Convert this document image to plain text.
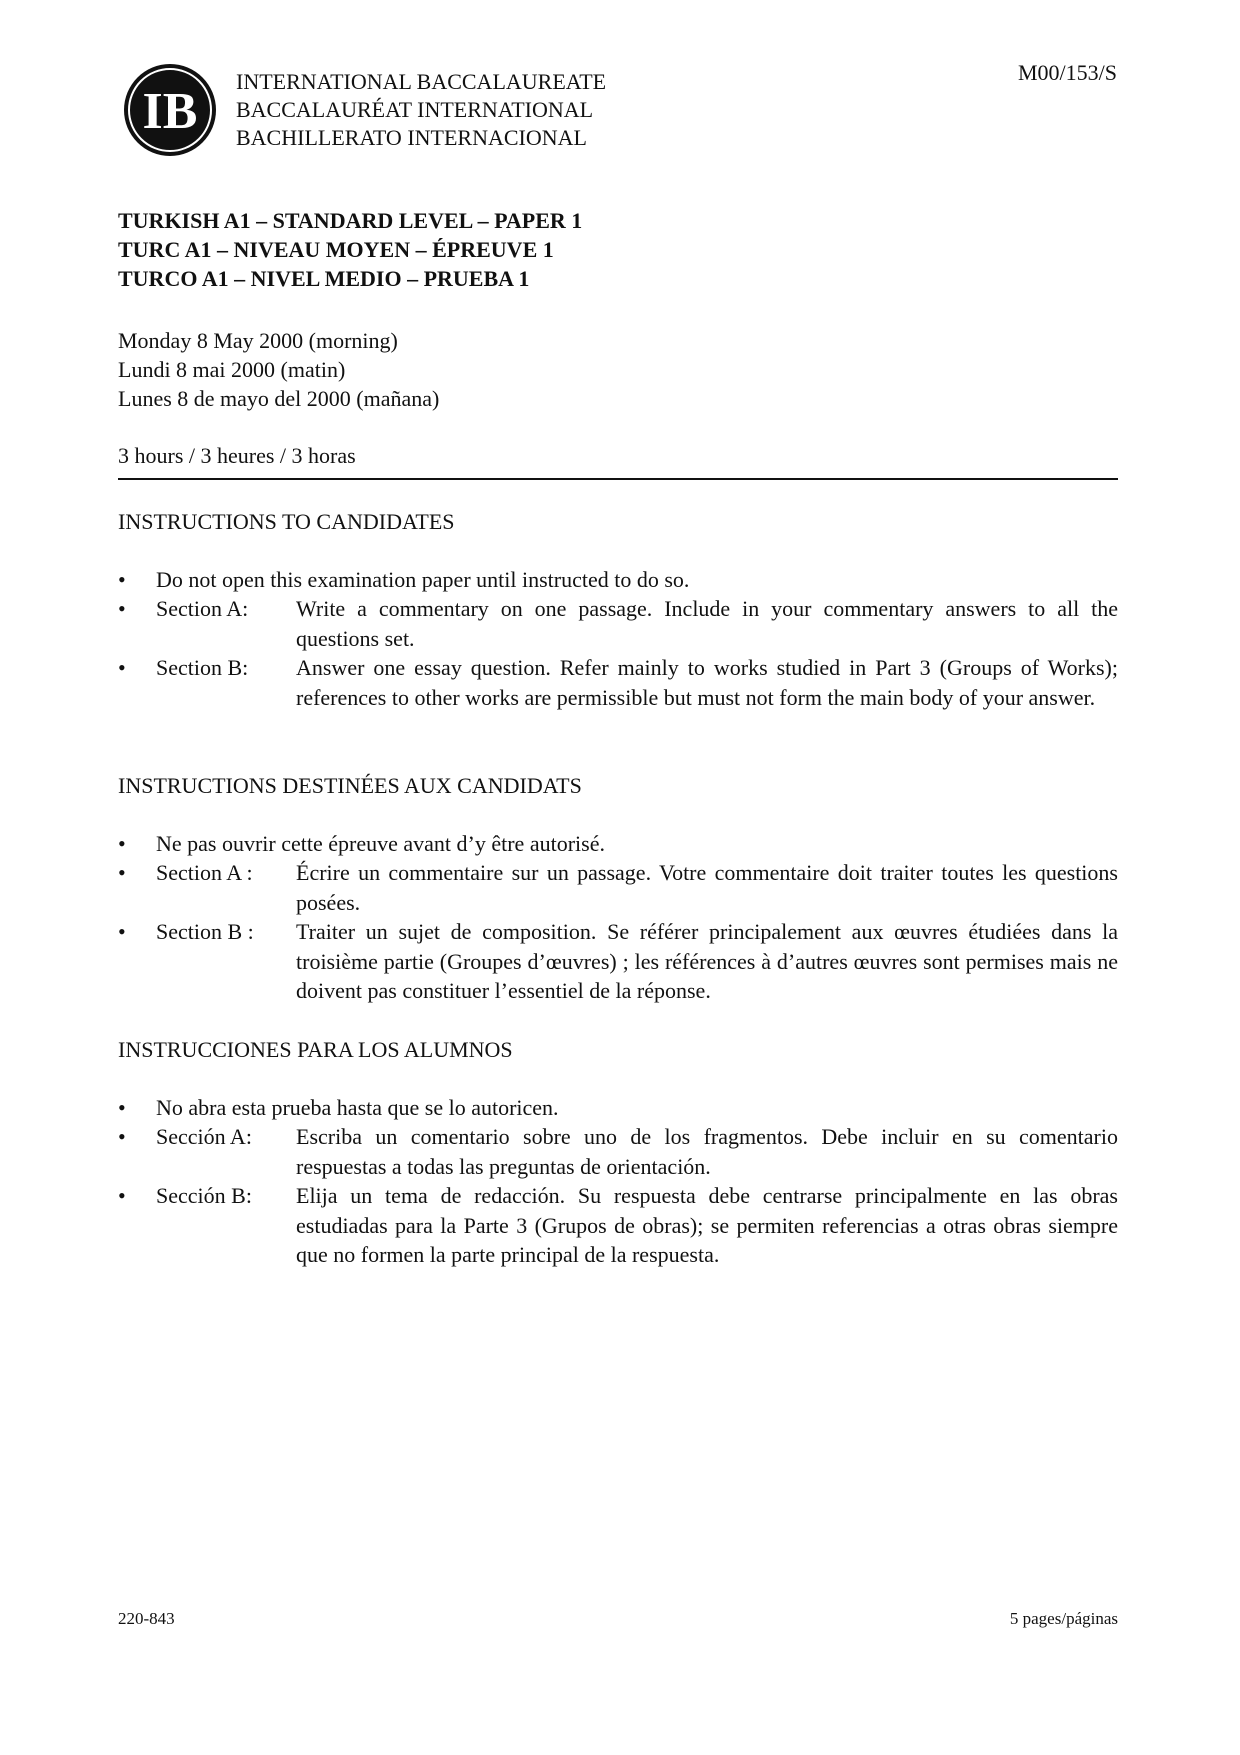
IB
INTERNATIONAL BACCALAUREATE
BACCALAURÉAT INTERNATIONAL
BACHILLERATO INTERNACIONAL
M00/153/S
TURKISH A1 – STANDARD LEVEL – PAPER 1
TURC A1 – NIVEAU MOYEN – ÉPREUVE 1
TURCO A1 – NIVEL MEDIO – PRUEBA 1
Monday 8 May 2000 (morning)
Lundi 8 mai 2000 (matin)
Lunes 8 de mayo del 2000 (mañana)
3 hours / 3 heures / 3 horas
INSTRUCTIONS TO CANDIDATES
•	Do not open this examination paper until instructed to do so.
•	Section A:	Write a commentary on one passage. Include in your commentary answers to all the questions set.
•	Section B:	Answer one essay question. Refer mainly to works studied in Part 3 (Groups of Works); references to other works are permissible but must not form the main body of your answer.
INSTRUCTIONS DESTINÉES AUX CANDIDATS
•	Ne pas ouvrir cette épreuve avant d’y être autorisé.
•	Section A :	Écrire un commentaire sur un passage. Votre commentaire doit traiter toutes les questions posées.
•	Section B :	Traiter un sujet de composition. Se référer principalement aux œuvres étudiées dans la troisième partie (Groupes d’œuvres) ; les références à d’autres œuvres sont permises mais ne doivent pas constituer l’essentiel de la réponse.
INSTRUCCIONES PARA LOS ALUMNOS
•	No abra esta prueba hasta que se lo autoricen.
•	Sección A:	Escriba un comentario sobre uno de los fragmentos. Debe incluir en su comentario respuestas a todas las preguntas de orientación.
•	Sección B:	Elija un tema de redacción. Su respuesta debe centrarse principalmente en las obras estudiadas para la Parte 3 (Grupos de obras); se permiten referencias a otras obras siempre que no formen la parte principal de la respuesta.
220-843	5 pages/páginas
